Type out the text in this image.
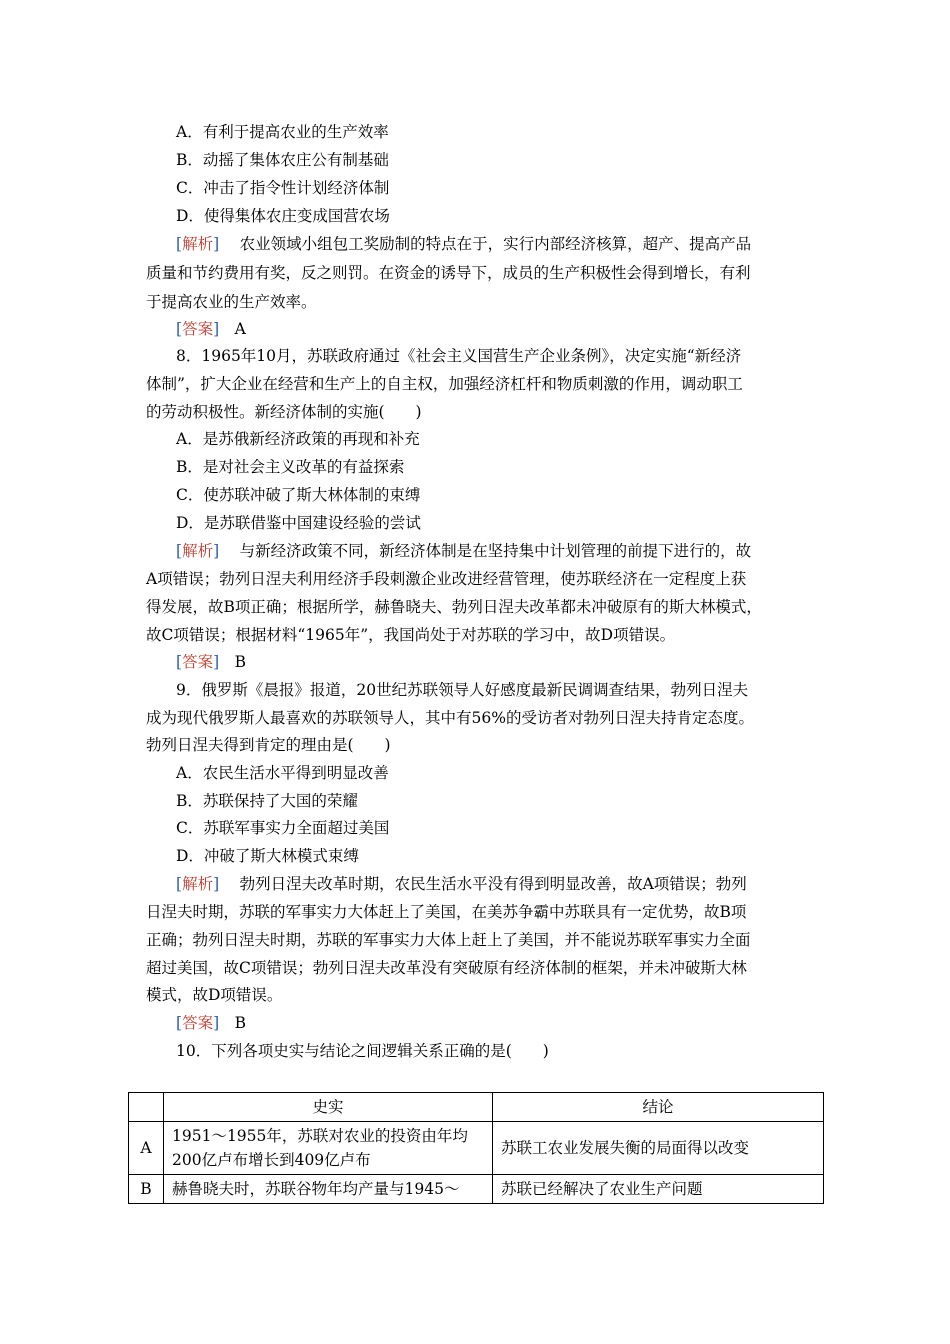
A．有利于提高农业的生产效率
B．动摇了集体农庄公有制基础
C．冲击了指令性计划经济体制
D．使得集体农庄变成国营农场
[解析]　 农业领域小组包工奖励制的特点在于，实行内部经济核算，超产、提高产品
质量和节约费用有奖，反之则罚。在资金的诱导下，成员的生产积极性会得到增长，有利
于提高农业的生产效率。
[答案]　 A
8．1965年10月，苏联政府通过《社会主义国营生产企业条例》，决定实施“新经济
体制”，扩大企业在经营和生产上的自主权，加强经济杠杆和物质刺激的作用，调动职工
的劳动积极性。新经济体制的实施(　　)
A．是苏俄新经济政策的再现和补充
B．是对社会主义改革的有益探索
C．使苏联冲破了斯大林体制的束缚
D．是苏联借鉴中国建设经验的尝试
[解析]　 与新经济政策不同，新经济体制是在坚持集中计划管理的前提下进行的，故
A项错误；勃列日涅夫利用经济手段刺激企业改进经营管理，使苏联经济在一定程度上获
得发展，故B项正确；根据所学，赫鲁晓夫、勃列日涅夫改革都未冲破原有的斯大林模式，
故C项错误；根据材料“1965年”，我国尚处于对苏联的学习中，故D项错误。
[答案]　 B
9．俄罗斯《晨报》报道，20世纪苏联领导人好感度最新民调调查结果，勃列日涅夫
成为现代俄罗斯人最喜欢的苏联领导人，其中有56%的受访者对勃列日涅夫持肯定态度。
勃列日涅夫得到肯定的理由是(　　)
A．农民生活水平得到明显改善
B．苏联保持了大国的荣耀
C．苏联军事实力全面超过美国
D．冲破了斯大林模式束缚
[解析]　 勃列日涅夫改革时期，农民生活水平没有得到明显改善，故A项错误；勃列
日涅夫时期，苏联的军事实力大体赶上了美国，在美苏争霸中苏联具有一定优势，故B项
正确；勃列日涅夫时期，苏联的军事实力大体上赶上了美国，并不能说苏联军事实力全面
超过美国，故C项错误；勃列日涅夫改革没有突破原有经济体制的框架，并未冲破斯大林
模式，故D项错误。
[答案]　 B
10．下列各项史实与结论之间逻辑关系正确的是(　　)
	史实	结论
A	1951～1955年，苏联对农业的投资由年均
200亿卢布增长到409亿卢布	苏联工农业发展失衡的局面得以改变
B	赫鲁晓夫时，苏联谷物年均产量与1945～	苏联已经解决了农业生产问题
